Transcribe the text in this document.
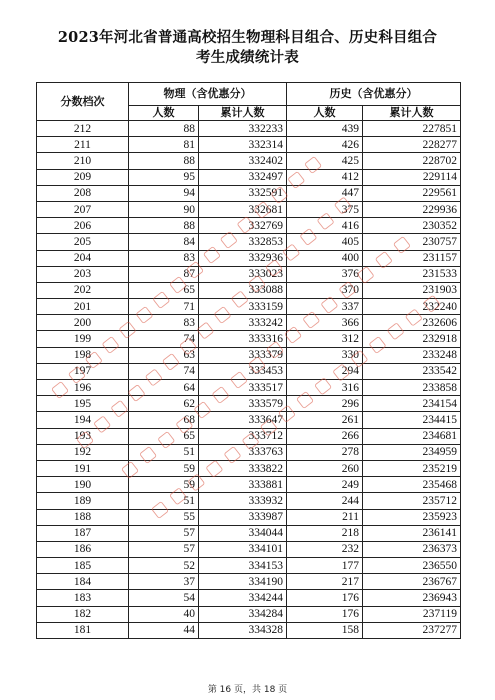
2023年河北省普通高校招生物理科目组合、历史科目组合
考生成绩统计表
分数档次	物理（含优惠分）		历史（含优惠分）	
	人数	累计人数	人数	累计人数
212	88	332233	439	227851
211	81	332314	426	228277
210	88	332402	425	228702
209	95	332497	412	229114
208	94	332591	447	229561
207	90	332681	375	229936
206	88	332769	416	230352
205	84	332853	405	230757
204	83	332936	400	231157
203	87	333023	376	231533
202	65	333088	370	231903
201	71	333159	337	232240
200	83	333242	366	232606
199	74	333316	312	232918
198	63	333379	330	233248
197	74	333453	294	233542
196	64	333517	316	233858
195	62	333579	296	234154
194	68	333647	261	234415
193	65	333712	266	234681
192	51	333763	278	234959
191	59	333822	260	235219
190	59	333881	249	235468
189	51	333932	244	235712
188	55	333987	211	235923
187	57	334044	218	236141
186	57	334101	232	236373
185	52	334153	177	236550
184	37	334190	217	236767
183	54	334244	176	236943
182	40	334284	176	237119
181	44	334328	158	237277
第 16 页，共 18 页
